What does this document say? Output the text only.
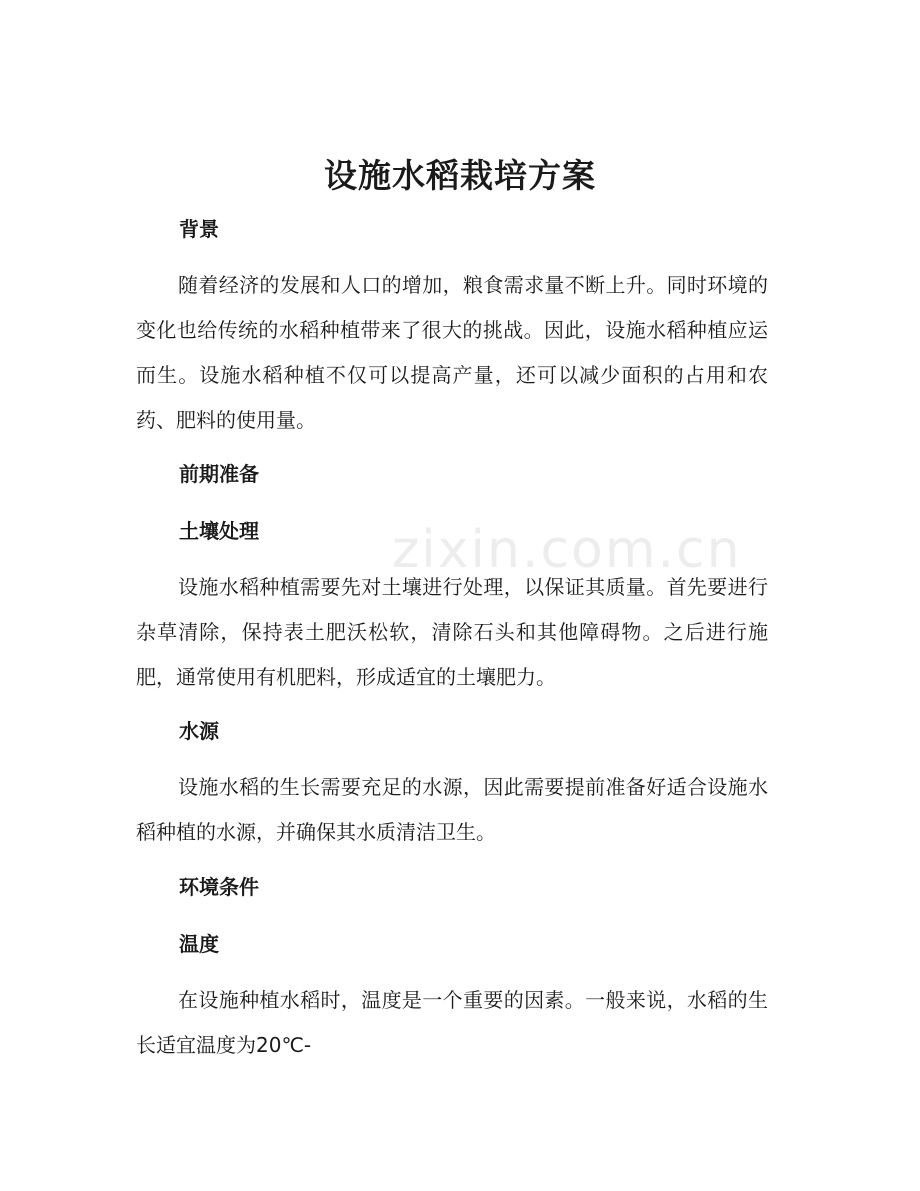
zixin.com.cn
设施水稻栽培方案
背景

随着经济的发展和人口的增加，粮食需求量不断上升。同时环境的变化也给传统的水稻种植带来了很大的挑战。因此，设施水稻种植应运而生。设施水稻种植不仅可以提高产量，还可以减少面积的占用和农药、肥料的使用量。

前期准备
土壤处理

设施水稻种植需要先对土壤进行处理，以保证其质量。首先要进行杂草清除，保持表土肥沃松软，清除石头和其他障碍物。之后进行施肥，通常使用有机肥料，形成适宜的土壤肥力。

水源

设施水稻的生长需要充足的水源，因此需要提前准备好适合设施水稻种植的水源，并确保其水质清洁卫生。

环境条件
温度

在设施种植水稻时，温度是一个重要的因素。一般来说，水稻的生长适宜温度为20℃-
